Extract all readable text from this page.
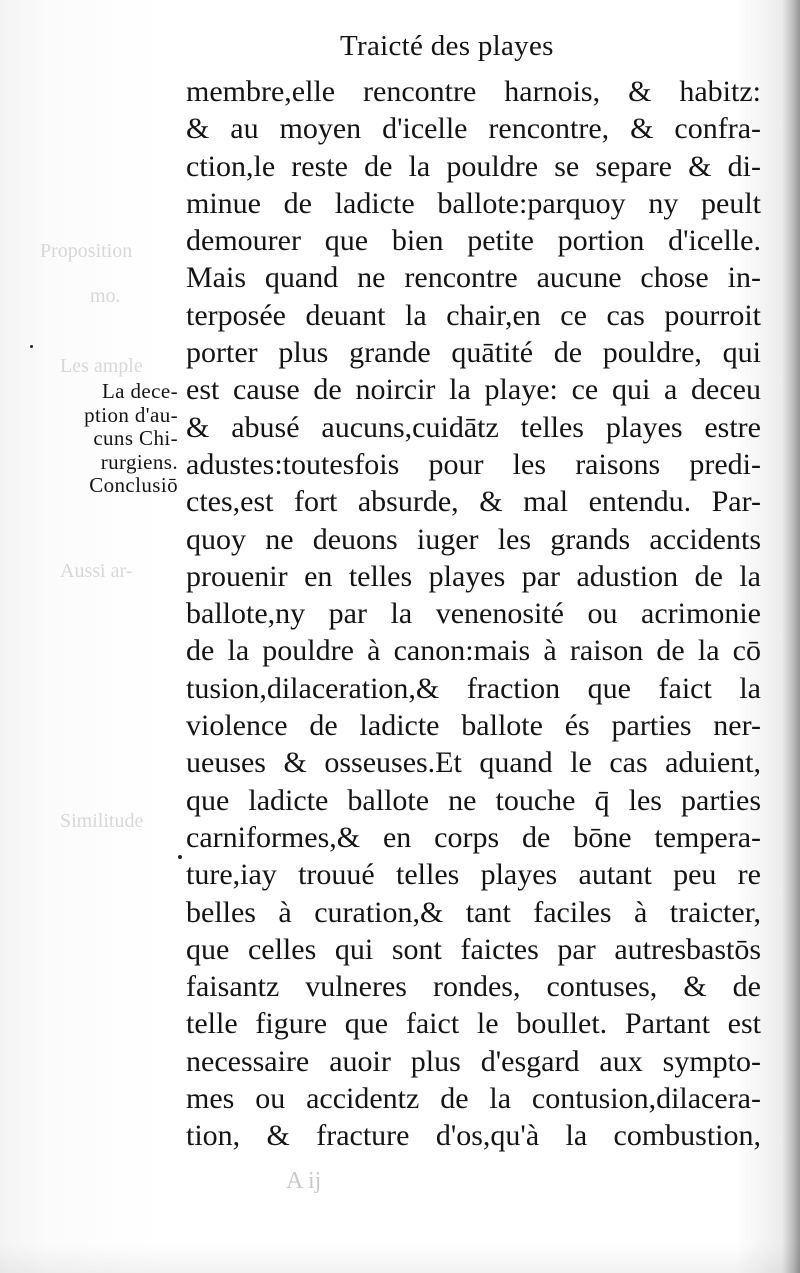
Proposition
mo.
Les ample
Aussi ar-
Similitude
Traicté des playes
membre,elle rencontre harnois, & habitz:
& au moyen d'icelle rencontre, & confra-
ction,le reste de la pouldre se separe & di-
minue de ladicte ballote:parquoy ny peult
demourer que bien petite portion d'icelle.
Mais quand ne rencontre aucune chose in-
terposée deuant la chair,en ce cas pourroit
porter plus grande quātité de pouldre, qui
est cause de noircir la playe: ce qui a deceu
& abusé aucuns,cuidātz telles playes estre
adustes:toutesfois pour les raisons predi-
ctes,est fort absurde, & mal entendu. Par-
quoy ne deuons iuger les grands accidents
prouenir en telles playes par adustion de la
ballote,ny par la venenosité ou acrimonie
de la pouldre à canon:mais à raison de la cō
tusion,dilaceration,& fraction que faict la
violence de ladicte ballote és parties ner-
ueuses & osseuses.Et quand le cas aduient,
que ladicte ballote ne touche q̄ les parties
carniformes,& en corps de bōne tempera-
ture,iay trouué telles playes autant peu re
belles à curation,& tant faciles à traicter,
que celles qui sont faictes par autresbastōs
faisantz vulneres rondes, contuses, & de
telle figure que faict le boullet. Partant est
necessaire auoir plus d'esgard aux sympto-
mes ou accidentz de la contusion,dilacera-
tion, & fracture d'os,qu'à la combustion,
La dece-
ption d'au-
cuns Chi-
rurgiens.
Conclusiō
A ij
